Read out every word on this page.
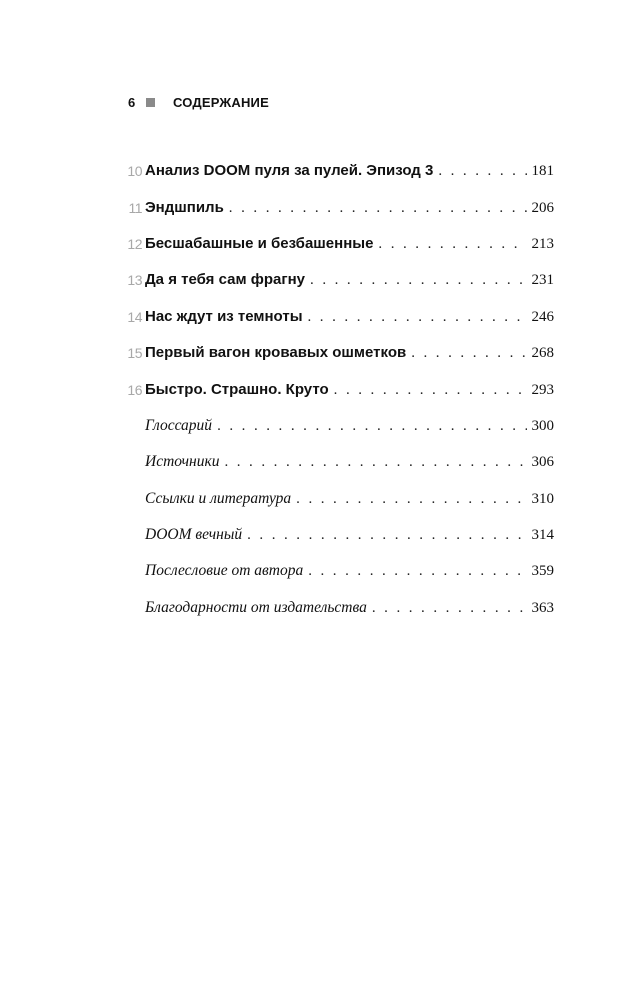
6	СОДЕРЖАНИЕ
10 Анализ DOOM пуля за пулей. Эпизод 3 . . .	181
11 Эндшпиль . . .	206
12 Бесшабашные и безбашенные . . .	213
13 Да я тебя сам фрагну . . .	231
14 Нас ждут из темноты . . .	246
15 Первый вагон кровавых ошметков . . .	268
16 Быстро. Страшно. Круто . . .	293
Глоссарий . . .	300
Источники . . .	306
Ссылки и литература . . .	310
DOOM вечный . . .	314
Послесловие от автора . . .	359
Благодарности от издательства . . .	363
